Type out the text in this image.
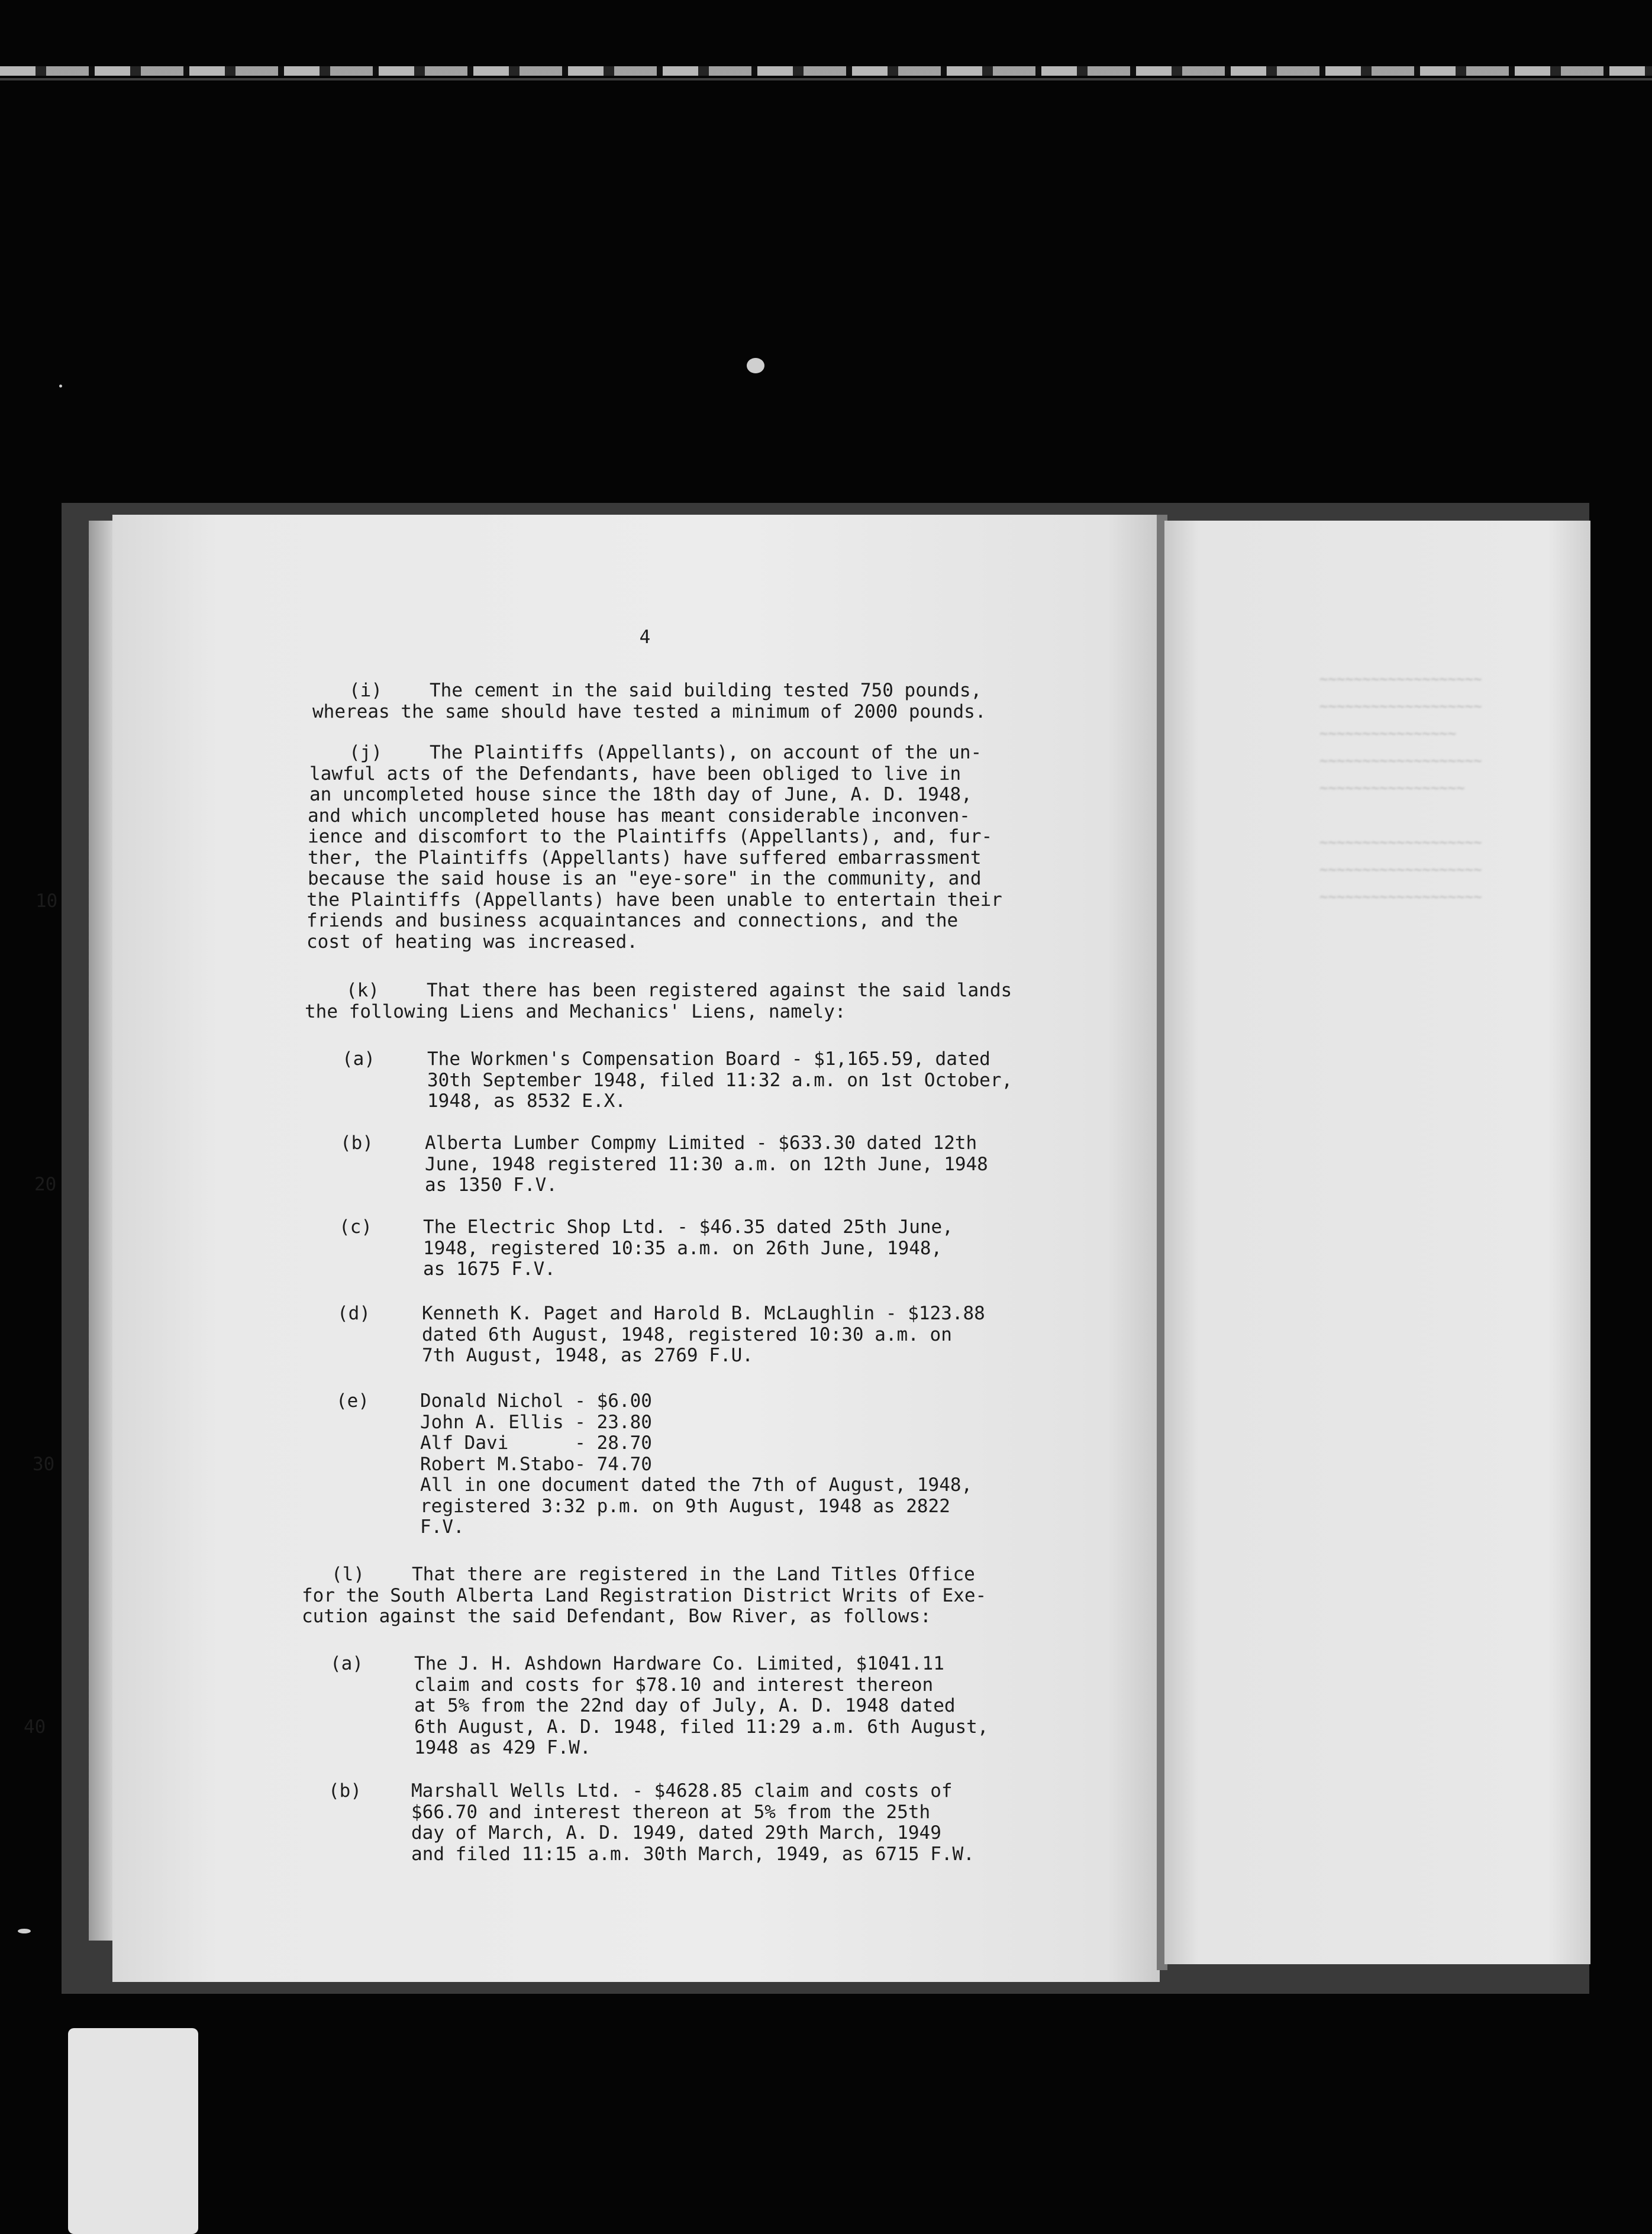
~~~~~~~~~~~~~~~~~~~
~~~~~~~~~~~~~~~~~~~
~~~~~~~~~~~~~~~~
~~~~~~~~~~~~~~~~~~~
~~~~~~~~~~~~~~~~~

~~~~~~~~~~~~~~~~~~~
~~~~~~~~~~~~~~~~~~~
~~~~~~~~~~~~~~~~~~~
4
(i)	The cement in the said building tested 750 pounds,
whereas the same should have tested a minimum of 2000 pounds.
(j)	The Plaintiffs (Appellants), on account of the un-
lawful acts of the Defendants, have been obliged to live in
an uncompleted house since the 18th day of June, A. D. 1948,
and which uncompleted house has meant considerable inconven-
ience and discomfort to the Plaintiffs (Appellants), and, fur-
ther, the Plaintiffs (Appellants) have suffered embarrassment
because the said house is an "eye-sore" in the community, and
the Plaintiffs (Appellants) have been unable to entertain their
friends and business acquaintances and connections, and the
cost of heating was increased.
10
(k)	That there has been registered against the said lands
the following Liens and Mechanics' Liens, namely:
(a)	The Workmen's Compensation Board - $1,165.59, dated
30th September 1948, filed 11:32 a.m. on 1st October,
1948, as 8532 E.X.
(b)	Alberta Lumber Compmy Limited - $633.30 dated 12th
June, 1948 registered 11:30 a.m. on 12th June, 1948
as 1350 F.V.
20
(c)	The Electric Shop Ltd. - $46.35 dated 25th June,
1948, registered 10:35 a.m. on 26th June, 1948,
as 1675 F.V.
(d)	Kenneth K. Paget and Harold B. McLaughlin - $123.88
dated 6th August, 1948, registered 10:30 a.m. on
7th August, 1948, as 2769 F.U.
(e)	Donald Nichol - $6.00
John A. Ellis - 23.80
Alf Davi      - 28.70
Robert M.Stabo- 74.70
All in one document dated the 7th of August, 1948,
registered 3:32 p.m. on 9th August, 1948 as 2822
F.V.
30
(l)	That there are registered in the Land Titles Office
for the South Alberta Land Registration District Writs of Exe-
cution against the said Defendant, Bow River, as follows:
(a)	The J. H. Ashdown Hardware Co. Limited, $1041.11
claim and costs for $78.10 and interest thereon
at 5% from the 22nd day of July, A. D. 1948 dated
6th August, A. D. 1948, filed 11:29 a.m. 6th August,
1948 as 429 F.W.
40
(b)	Marshall Wells Ltd. - $4628.85 claim and costs of
$66.70 and interest thereon at 5% from the 25th
day of March, A. D. 1949, dated 29th March, 1949
and filed 11:15 a.m. 30th March, 1949, as 6715 F.W.
